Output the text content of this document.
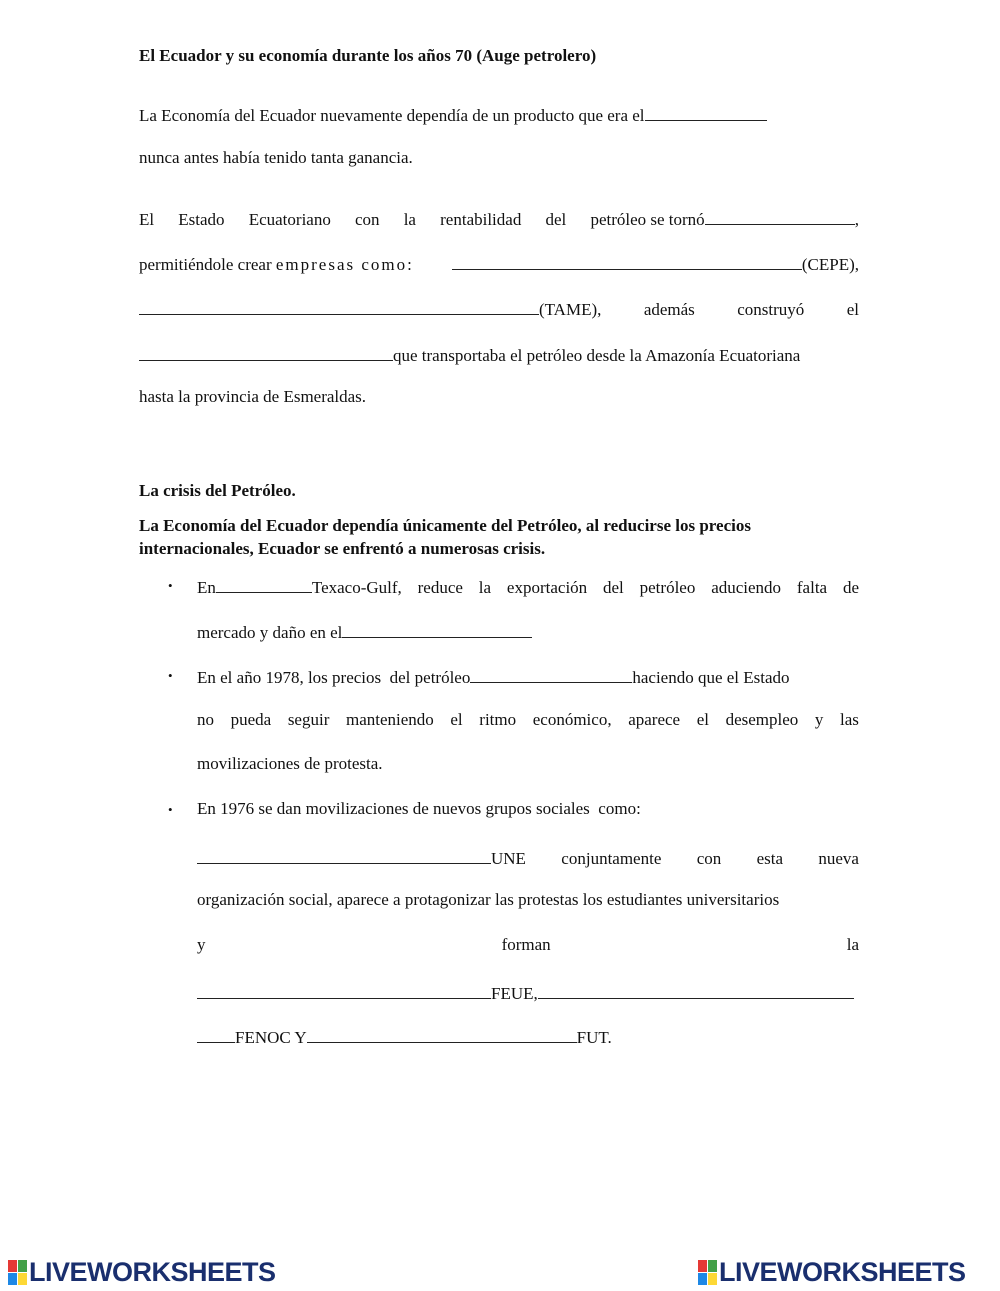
El Ecuador y su economía durante los años 70 (Auge petrolero)
La Economía del Ecuador nuevamente dependía de un producto que era el
nunca antes había tenido tanta ganancia.
El Estado Ecuatoriano con la rentabilidad del petróleo se tornó	,
permitiéndole crear empresas como:	(CEPE),
(TAME), además construyó el
que transportaba el petróleo desde la Amazonía Ecuatoriana
hasta la provincia de Esmeraldas.
La crisis del Petróleo.
La Economía del Ecuador dependía únicamente del Petróleo, al reducirse los precios
internacionales, Ecuador se enfrentó a numerosas crisis.
• En	Texaco-Gulf, reduce la exportación del petróleo aduciendo falta de
mercado y daño en el
• En el año 1978, los precios  del petróleo	haciendo que el Estado
no pueda seguir manteniendo el ritmo económico, aparece el desempleo y las
movilizaciones de protesta.
• En 1976 se dan movilizaciones de nuevos grupos sociales  como:
UNE conjuntamente con esta nueva
organización social, aparece a protagonizar las protestas los estudiantes universitarios
y	forman	la
FEUE,
FENOC Y	FUT.
LIVEWORKSHEETS	LIVEWORKSHEETS
